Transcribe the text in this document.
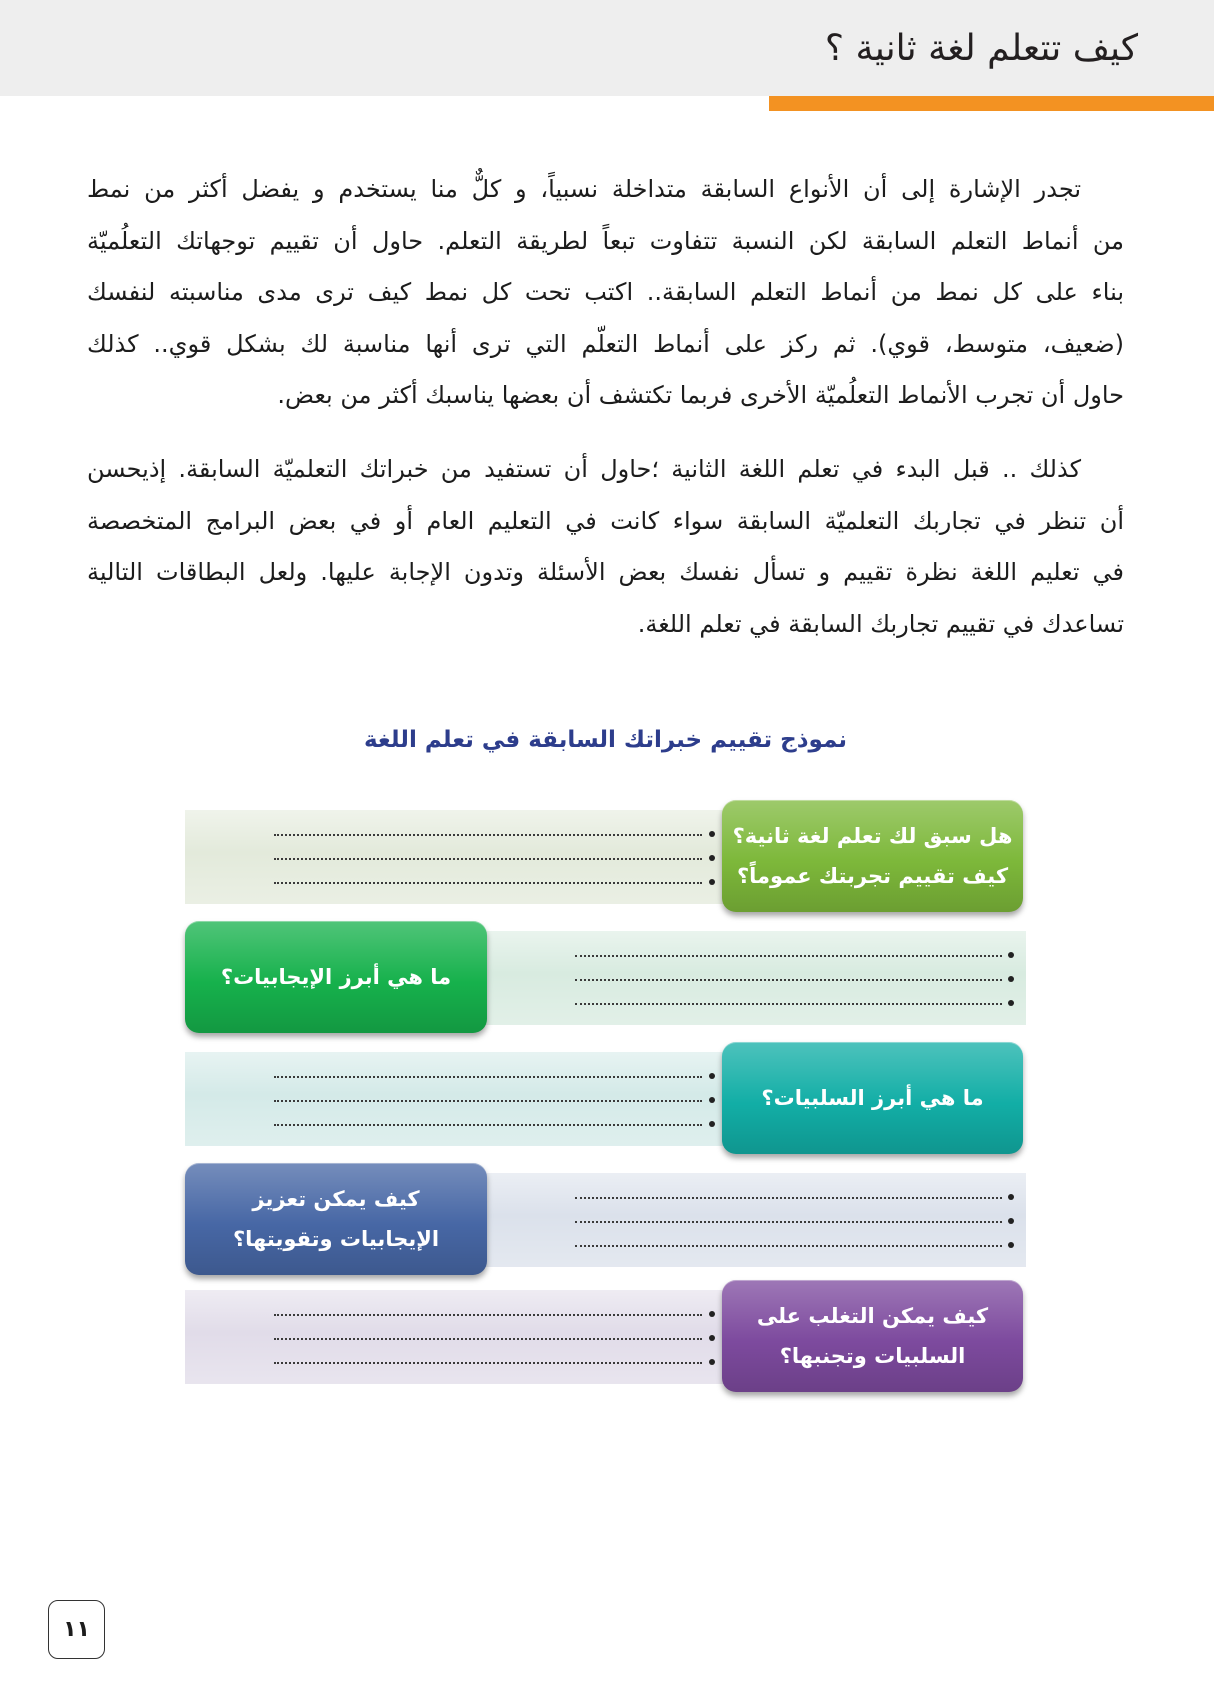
كيف تتعلم لغة ثانية ؟
تجدر الإشارة إلى أن الأنواع السابقة متداخلة نسبياً، و كلٌّ منا يستخدم و يفضل أكثر من نمط
من أنماط التعلم السابقة لكن النسبة تتفاوت تبعاً لطريقة التعلم. حاول أن تقييم توجهاتك التعلُميّة
بناء على كل نمط من أنماط التعلم السابقة.. اكتب تحت كل نمط كيف ترى مدى مناسبته لنفسك
(ضعيف، متوسط، قوي). ثم ركز على أنماط التعلّم التي ترى أنها مناسبة لك بشكل قوي.. كذلك
حاول أن تجرب الأنماط التعلُميّة الأخرى فربما تكتشف أن بعضها يناسبك أكثر من بعض.
كذلك .. قبل البدء في تعلم اللغة الثانية ؛حاول أن تستفيد من خبراتك التعلميّة السابقة. إذيحسن
أن تنظر في تجاربك التعلميّة السابقة سواء كانت في التعليم العام أو في بعض البرامج المتخصصة
في تعليم اللغة نظرة تقييم و تسأل نفسك بعض الأسئلة وتدون الإجابة عليها. ولعل البطاقات التالية
تساعدك في تقييم تجاربك السابقة في تعلم اللغة.
نموذج تقييم خبراتك السابقة في تعلم اللغة
هل سبق لك تعلم لغة ثانية؟
كيف تقييم تجربتك عموماً؟
ما هي أبرز الإيجابيات؟
ما هي أبرز السلبيات؟
كيف يمكن تعزيز
الإيجابيات وتقويتها؟
كيف يمكن التغلب على
السلبيات وتجنبها؟
١١
